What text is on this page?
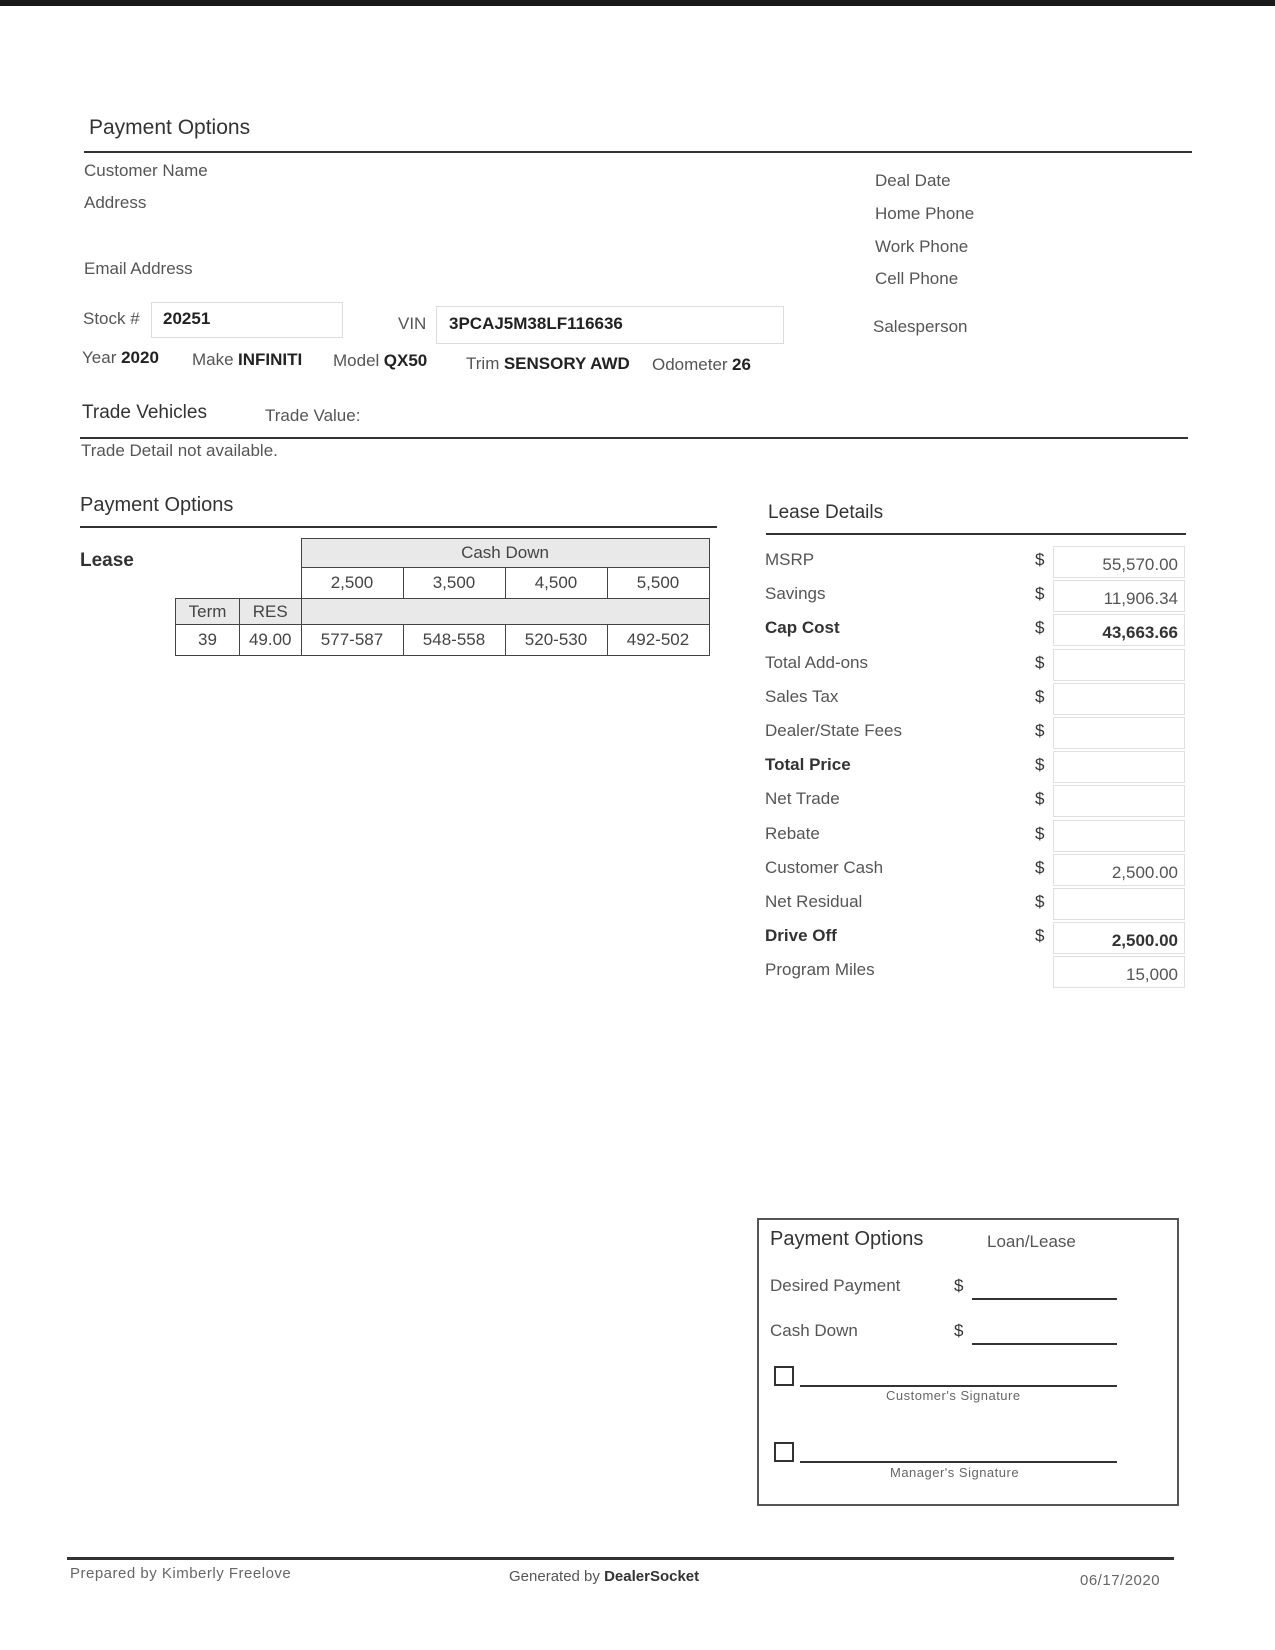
Payment Options
Customer Name
Address
Email Address
Deal Date
Home Phone
Work Phone
Cell Phone
Salesperson
Stock # 20251	VIN 3PCAJ5M38LF116636
Year 2020 Make INFINITI Model QX50 Trim SENSORY AWD Odometer 26
Trade Vehicles	Trade Value:
Trade Detail not available.
Payment Options
Lease
			Cash Down			
		2,500	3,500	4,500	5,500
Term	RES				
39	49.00	577-587	548-558	520-530	492-502
Lease Details
MSRP	$	55,570.00
Savings	$	11,906.34
Cap Cost	$	43,663.66
Total Add-ons	$
Sales Tax	$
Dealer/State Fees	$
Total Price	$
Net Trade	$
Rebate	$
Customer Cash	$	2,500.00
Net Residual	$
Drive Off	$	2,500.00
Program Miles	15,000
Payment Options	Loan/Lease
Desired Payment	$
Cash Down	$
Customer's Signature
Manager's Signature
Prepared by Kimberly Freelove	Generated by DealerSocket	06/17/2020
